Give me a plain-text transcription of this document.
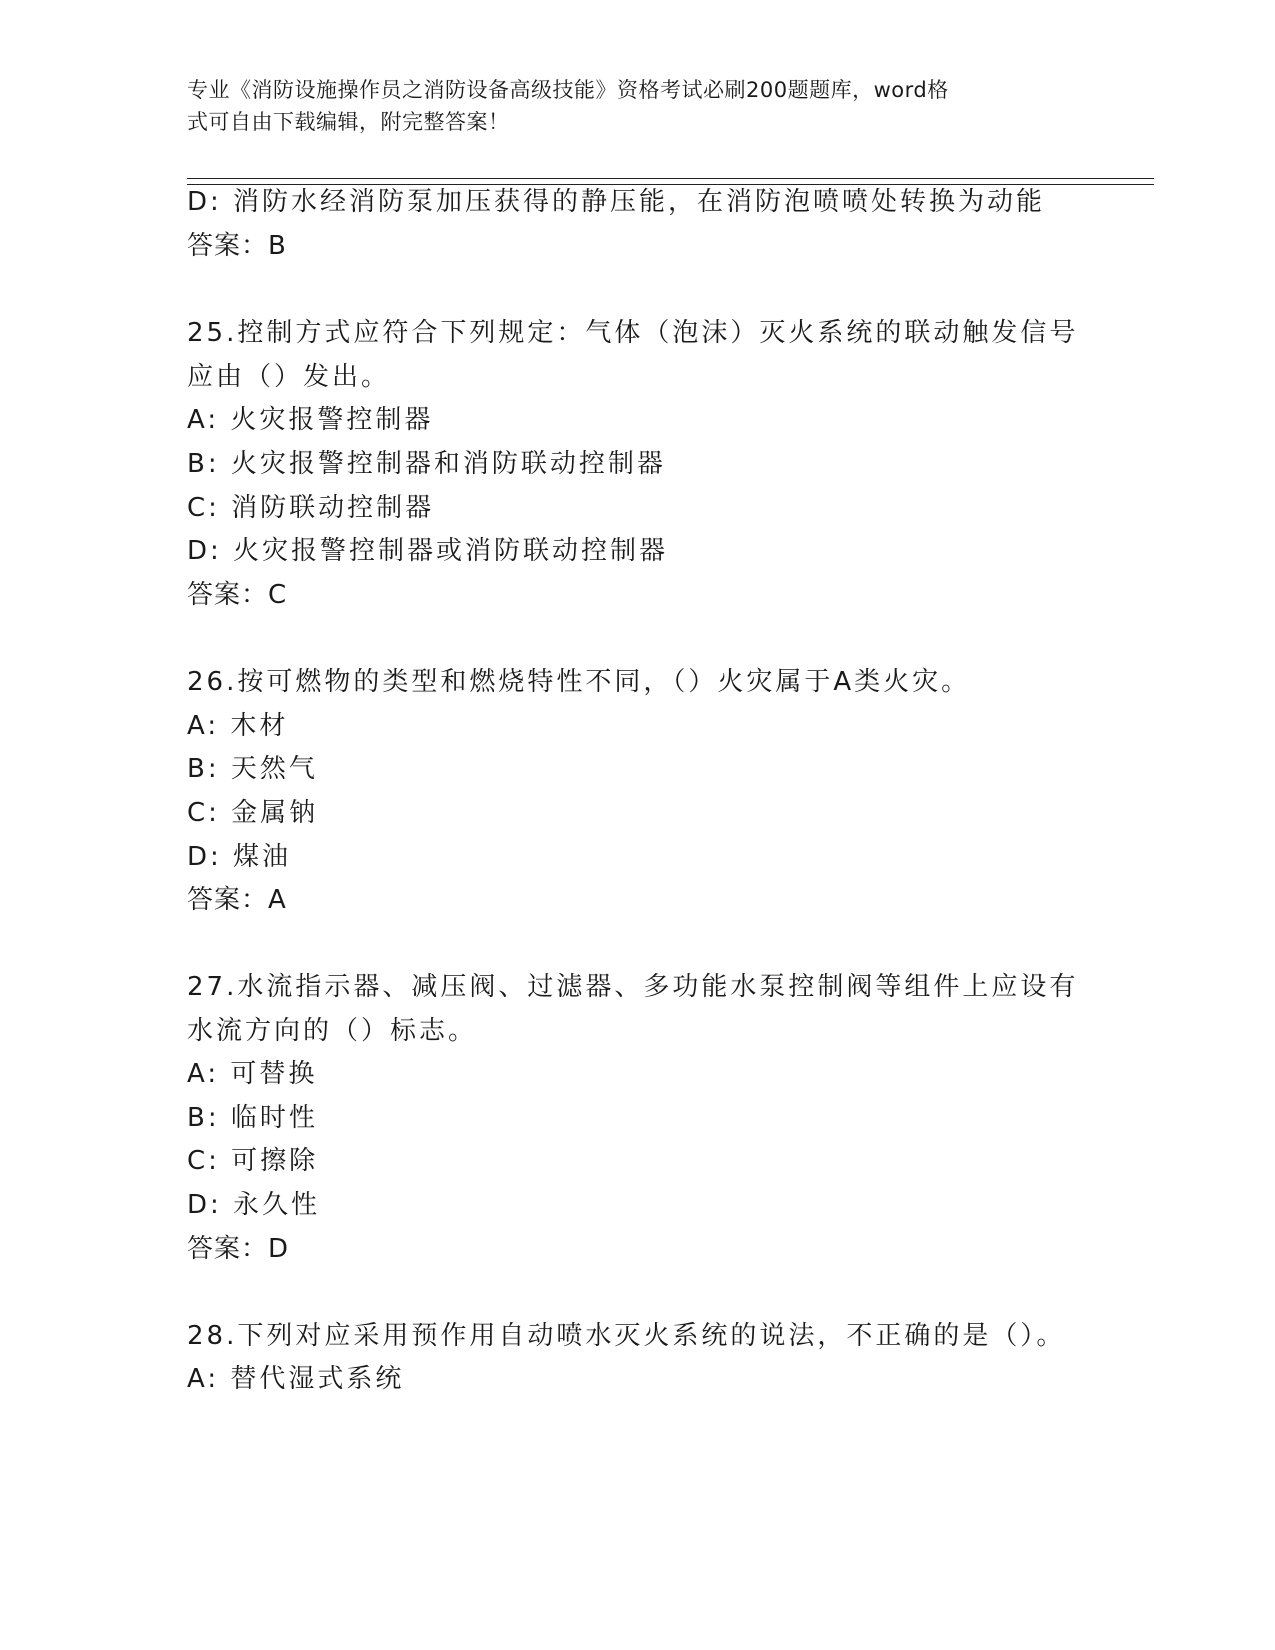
专业《消防设施操作员之消防设备高级技能》资格考试必刷200题题库，word格
式可自由下载编辑，附完整答案！
D: 消防水经消防泵加压获得的静压能，在消防泡喷喷处转换为动能
答案：B
25.控制方式应符合下列规定：气体（泡沫）灭火系统的联动触发信号
应由（）发出。
A: 火灾报警控制器
B: 火灾报警控制器和消防联动控制器
C: 消防联动控制器
D: 火灾报警控制器或消防联动控制器
答案：C
26.按可燃物的类型和燃烧特性不同，（）火灾属于A类火灾。
A: 木材
B: 天然气
C: 金属钠
D: 煤油
答案：A
27.水流指示器、减压阀、过滤器、多功能水泵控制阀等组件上应设有
水流方向的（）标志。
A: 可替换
B: 临时性
C: 可擦除
D: 永久性
答案：D
28.下列对应采用预作用自动喷水灭火系统的说法，不正确的是（）。
A: 替代湿式系统
